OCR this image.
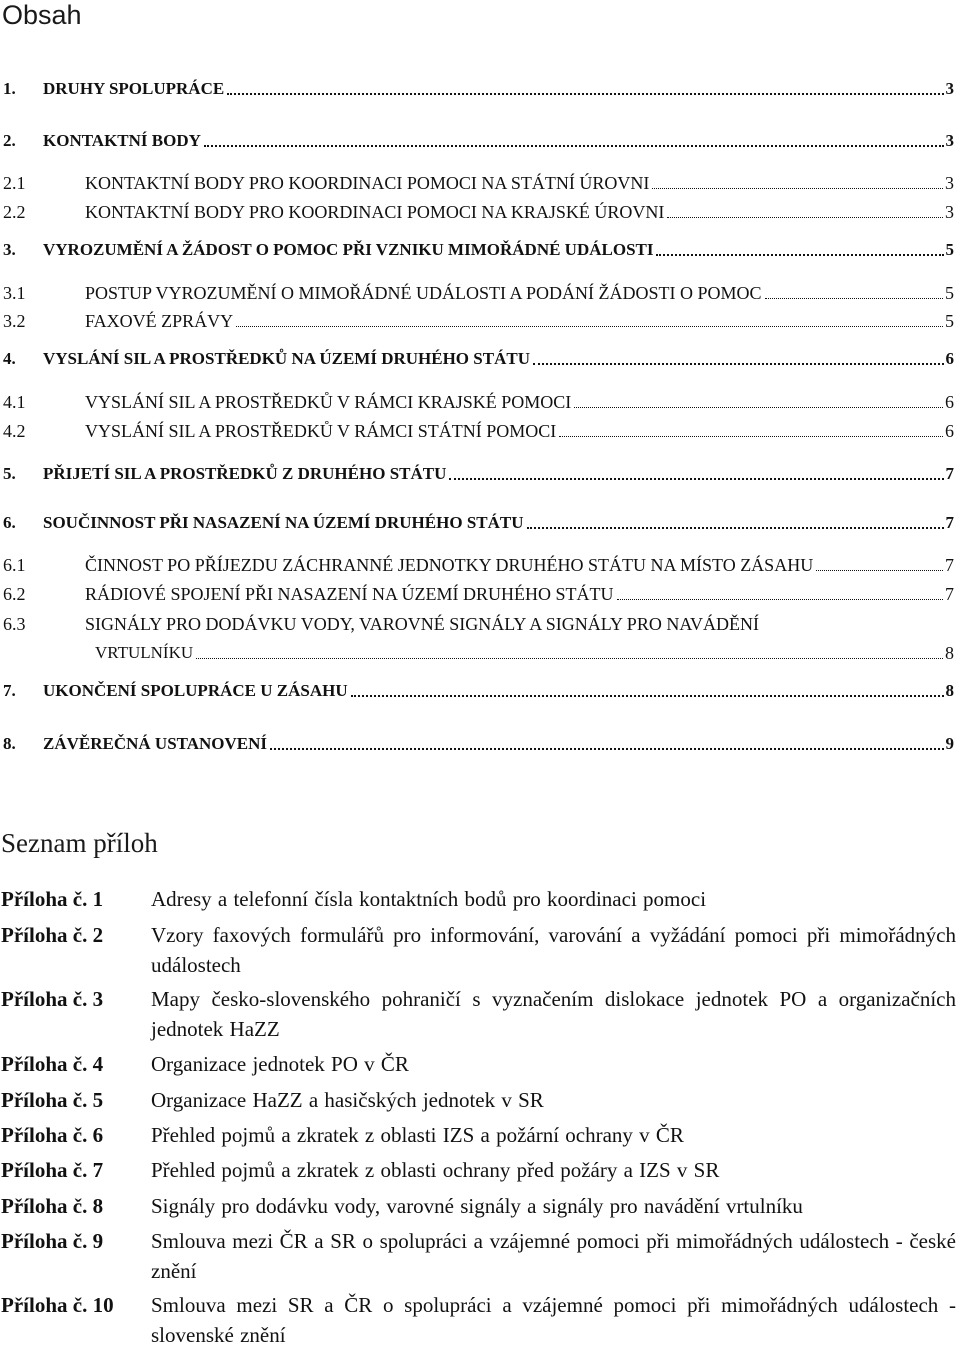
Obsah
1. DRUHY SPOLUPRÁCE	3
2. KONTAKTNÍ BODY	3
2.1	KONTAKTNÍ BODY PRO KOORDINACI POMOCI NA STÁTNÍ ÚROVNI	3
2.2	KONTAKTNÍ BODY PRO KOORDINACI POMOCI NA KRAJSKÉ ÚROVNI	3
3. VYROZUMĚNÍ A ŽÁDOST O POMOC PŘI VZNIKU MIMOŘÁDNÉ UDÁLOSTI	5
3.1	POSTUP VYROZUMĚNÍ O MIMOŘÁDNÉ UDÁLOSTI A PODÁNÍ ŽÁDOSTI O POMOC	5
3.2	FAXOVÉ ZPRÁVY	5
4. VYSLÁNÍ SIL A PROSTŘEDKŮ NA ÚZEMÍ DRUHÉHO STÁTU	6
4.1	VYSLÁNÍ SIL A PROSTŘEDKŮ V RÁMCI KRAJSKÉ POMOCI	6
4.2	VYSLÁNÍ SIL A PROSTŘEDKŮ V RÁMCI STÁTNÍ POMOCI	6
5. PŘIJETÍ SIL A PROSTŘEDKŮ Z DRUHÉHO STÁTU	7
6. SOUČINNOST PŘI NASAZENÍ NA ÚZEMÍ DRUHÉHO STÁTU	7
6.1	ČINNOST PO PŘÍJEZDU ZÁCHRANNÉ JEDNOTKY DRUHÉHO STÁTU NA MÍSTO ZÁSAHU	7
6.2	RÁDIOVÉ SPOJENÍ PŘI NASAZENÍ NA ÚZEMÍ DRUHÉHO STÁTU	7
6.3	SIGNÁLY PRO DODÁVKU VODY, VAROVNÉ SIGNÁLY A SIGNÁLY PRO NAVÁDĚNÍ
VRTULNÍKU	8
7. UKONČENÍ SPOLUPRÁCE U ZÁSAHU	8
8. ZÁVĚREČNÁ USTANOVENÍ	9
Seznam příloh
Příloha č. 1 Adresy a telefonní čísla kontaktních bodů pro koordinaci pomoci
Příloha č. 2 Vzory faxových formulářů pro informování, varování a vyžádání pomoci při mimořádných událostech
Příloha č. 3 Mapy česko-slovenského pohraničí s vyznačením dislokace jednotek PO a organizačních jednotek HaZZ
Příloha č. 4 Organizace jednotek PO v ČR
Příloha č. 5 Organizace HaZZ a hasičských jednotek v SR
Příloha č. 6 Přehled pojmů a zkratek z oblasti IZS a požární ochrany v ČR
Příloha č. 7 Přehled pojmů a zkratek z oblasti ochrany před požáry a IZS v SR
Příloha č. 8 Signály pro dodávku vody, varovné signály a signály pro navádění vrtulníku
Příloha č. 9 Smlouva mezi ČR a SR o spolupráci a vzájemné pomoci při mimořádných událostech - české znění
Příloha č. 10 Smlouva mezi SR a ČR o spolupráci a vzájemné pomoci při mimořádných událostech - slovenské znění
